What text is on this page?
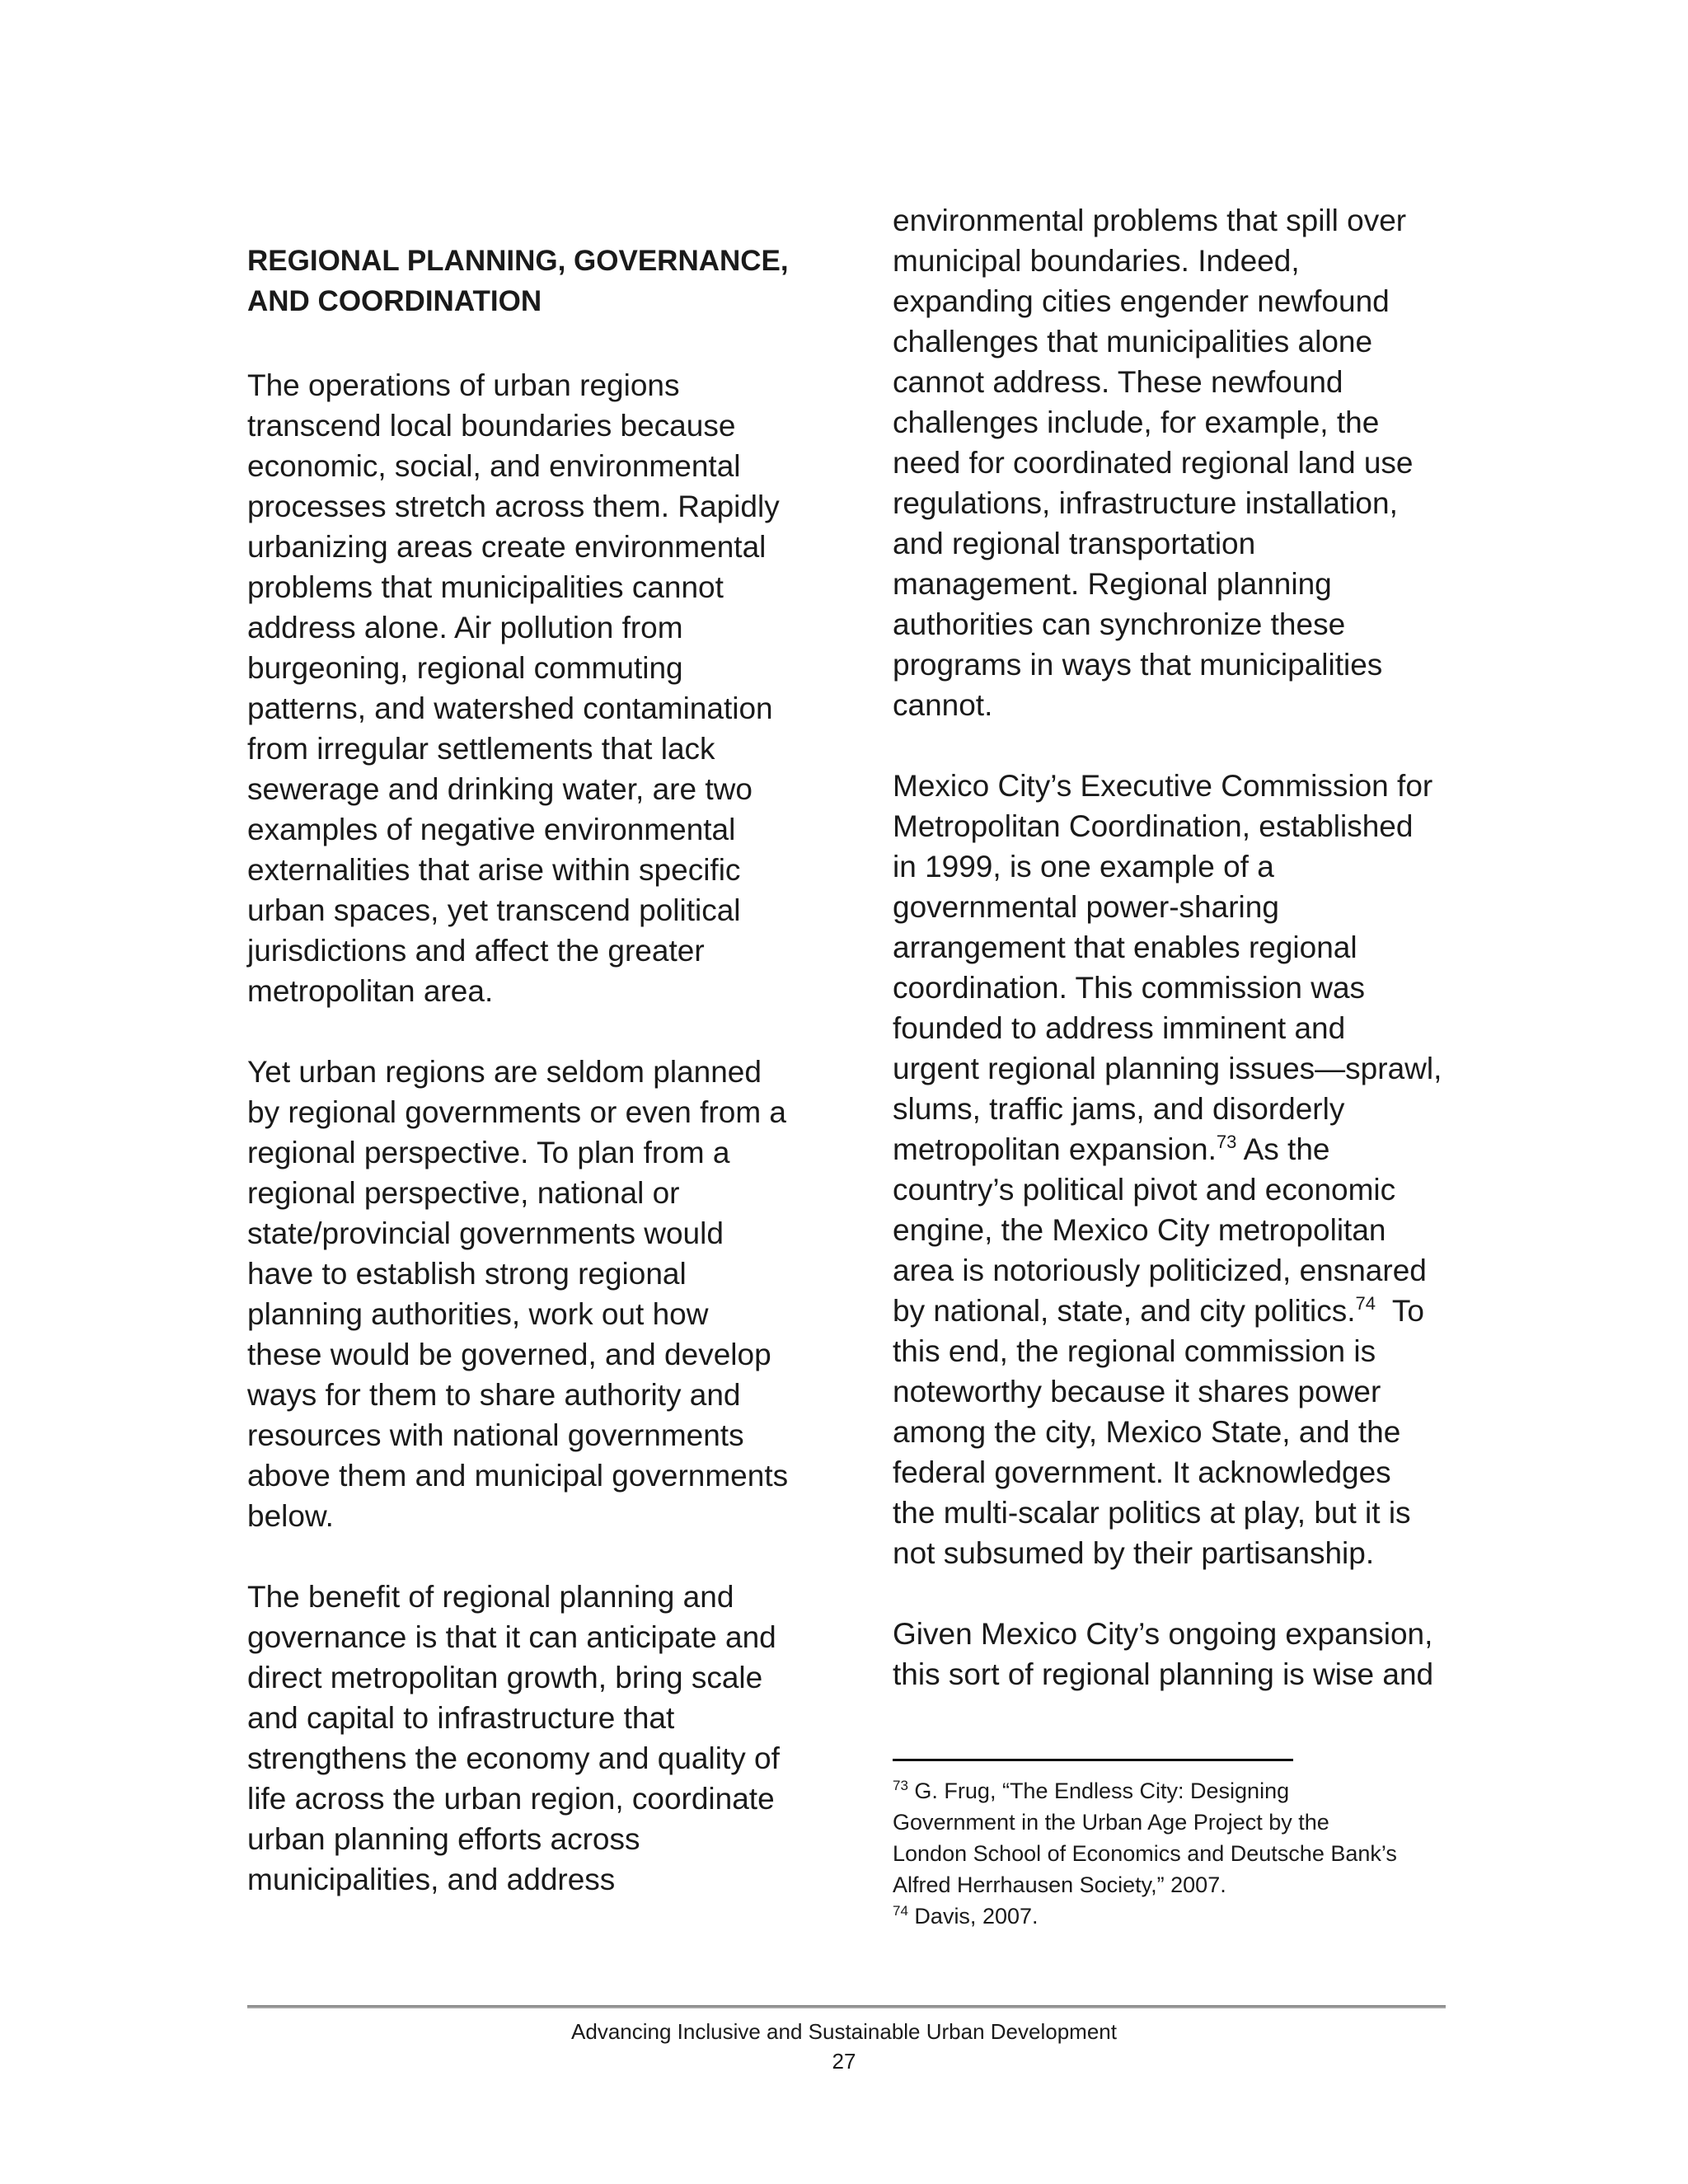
REGIONAL PLANNING, GOVERNANCE,
AND COORDINATION
The operations of urban regions
transcend local boundaries because
economic, social, and environmental
processes stretch across them. Rapidly
urbanizing areas create environmental
problems that municipalities cannot
address alone. Air pollution from
burgeoning, regional commuting
patterns, and watershed contamination
from irregular settlements that lack
sewerage and drinking water, are two
examples of negative environmental
externalities that arise within specific
urban spaces, yet transcend political
jurisdictions and affect the greater
metropolitan area.
Yet urban regions are seldom planned
by regional governments or even from a
regional perspective. To plan from a
regional perspective, national or
state/provincial governments would
have to establish strong regional
planning authorities, work out how
these would be governed, and develop
ways for them to share authority and
resources with national governments
above them and municipal governments
below.
The benefit of regional planning and
governance is that it can anticipate and
direct metropolitan growth, bring scale
and capital to infrastructure that
strengthens the economy and quality of
life across the urban region, coordinate
urban planning efforts across
municipalities, and address
environmental problems that spill over
municipal boundaries. Indeed,
expanding cities engender newfound
challenges that municipalities alone
cannot address. These newfound
challenges include, for example, the
need for coordinated regional land use
regulations, infrastructure installation,
and regional transportation
management. Regional planning
authorities can synchronize these
programs in ways that municipalities
cannot.
Mexico City’s Executive Commission for
Metropolitan Coordination, established
in 1999, is one example of a
governmental power-sharing
arrangement that enables regional
coordination. This commission was
founded to address imminent and
urgent regional planning issues—sprawl,
slums, traffic jams, and disorderly
metropolitan expansion.$^{73}$ As the
country’s political pivot and economic
engine, the Mexico City metropolitan
area is notoriously politicized, ensnared
by national, state, and city politics.$^{74}$  To
this end, the regional commission is
noteworthy because it shares power
among the city, Mexico State, and the
federal government. It acknowledges
the multi-scalar politics at play, but it is
not subsumed by their partisanship.
Given Mexico City’s ongoing expansion,
this sort of regional planning is wise and
$^{73}$ G. Frug, “The Endless City: Designing
Government in the Urban Age Project by the
London School of Economics and Deutsche Bank’s
Alfred Herrhausen Society,” 2007.
$^{74}$ Davis, 2007.
Advancing Inclusive and Sustainable Urban Development
27
